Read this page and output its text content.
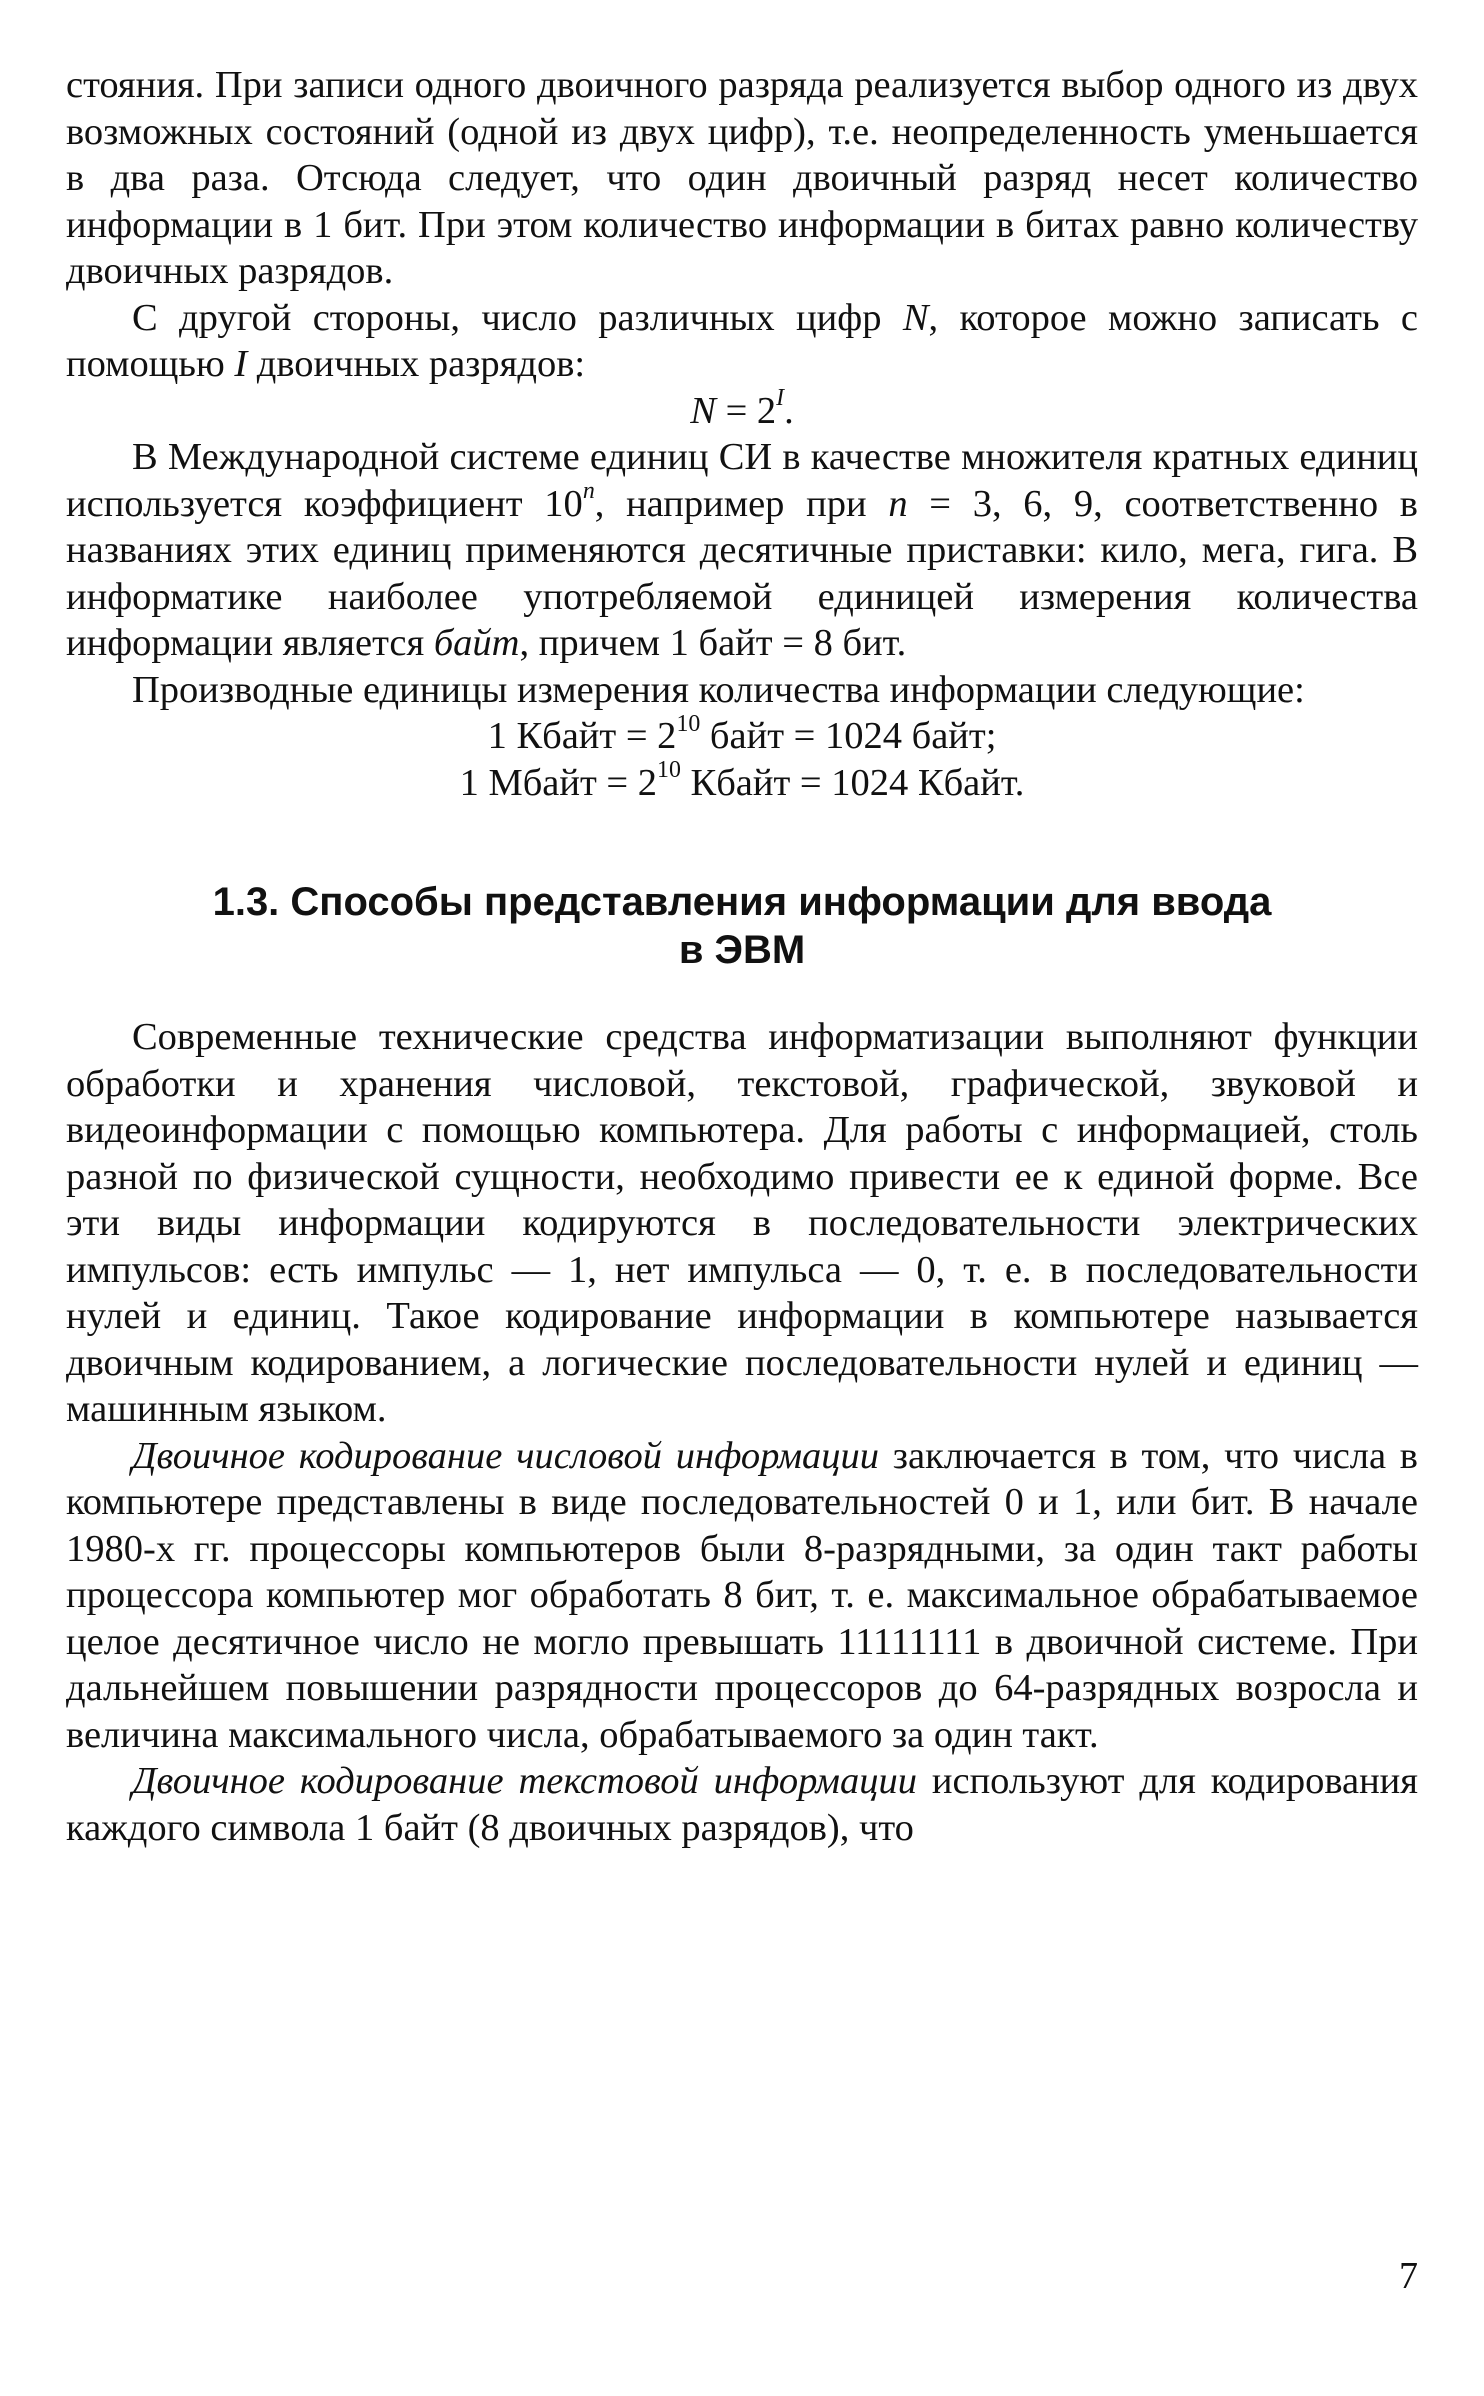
стояния. При записи одного двоичного разряда реализуется выбор одного из двух возможных состояний (одной из двух цифр), т.е. неопределенность уменьшается в два раза. Отсюда следует, что один двоичный разряд несет количество информации в 1 бит. При этом количество информации в битах равно количеству двоичных разрядов.

С другой стороны, число различных цифр N, которое можно записать с помощью I двоичных разрядов:

$N = 2^I$.

В Международной системе единиц СИ в качестве множителя кратных единиц используется коэффициент 10$^n$, например при n = 3, 6, 9, соответственно в названиях этих единиц применяются десятичные приставки: кило, мега, гига. В информатике наиболее употребляемой единицей измерения количества информации является байт, причем 1 байт = 8 бит.

Производные единицы измерения количества информации следующие:

1 Кбайт = $2^{10}$ байт = 1024 байт;

1 Мбайт = $2^{10}$ Кбайт = 1024 Кбайт.

1.3. Способы представления информации для ввода
в ЭВМ

Современные технические средства информатизации выполняют функции обработки и хранения числовой, текстовой, графической, звуковой и видеоинформации с помощью компьютера. Для работы с информацией, столь разной по физической сущности, необходимо привести ее к единой форме. Все эти виды информации кодируются в последовательности электрических импульсов: есть импульс — 1, нет импульса — 0, т. е. в последовательности нулей и единиц. Такое кодирование информации в компьютере называется двоичным кодированием, а логические последовательности нулей и единиц — машинным языком.

Двоичное кодирование числовой информации заключается в том, что числа в компьютере представлены в виде последовательностей 0 и 1, или бит. В начале 1980-х гг. процессоры компьютеров были 8-разрядными, за один такт работы процессора компьютер мог обработать 8 бит, т. е. максимальное обрабатываемое целое десятичное число не могло превышать 11111111 в двоичной системе. При дальнейшем повышении разрядности процессоров до 64-разрядных возросла и величина максимального числа, обрабатываемого за один такт.

Двоичное кодирование текстовой информации используют для кодирования каждого символа 1 байт (8 двоичных разрядов), что

7
